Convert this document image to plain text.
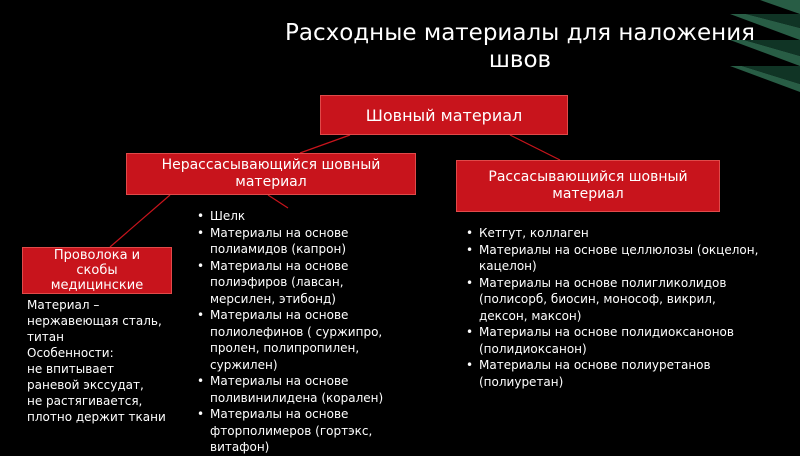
Расходные материалы для наложения
швов
Шовный материал
Нерассасывающийся шовный
материал	Рассасывающийся шовный
материал
Проволока и
скобы
медицинские
• Шелк
• Материалы на основе полиамидов (капрон)
• Материалы на основе полиэфиров (лавсан, мерсилен, этибонд)
• Материалы на основе полиолефинов ( суржипро, пролен, полипропилен, суржилен)
• Материалы на основе поливинилидена (корален)
• Материалы на основе фторполимеров (гортэкс, витафон)
• Кетгут, коллаген
• Материалы на основе целлюлозы (окцелон, кацелон)
• Материалы на основе полигликолидов (полисорб, биосин, монософ, викрил, дексон, максон)
• Материалы на основе полидиоксанонов (полидиоксанон)
• Материалы на основе полиуретанов (полиуретан)
Материал –
нержавеющая сталь,
титан
Особенности:
не впитывает
раневой экссудат,
не растягивается,
плотно держит ткани
